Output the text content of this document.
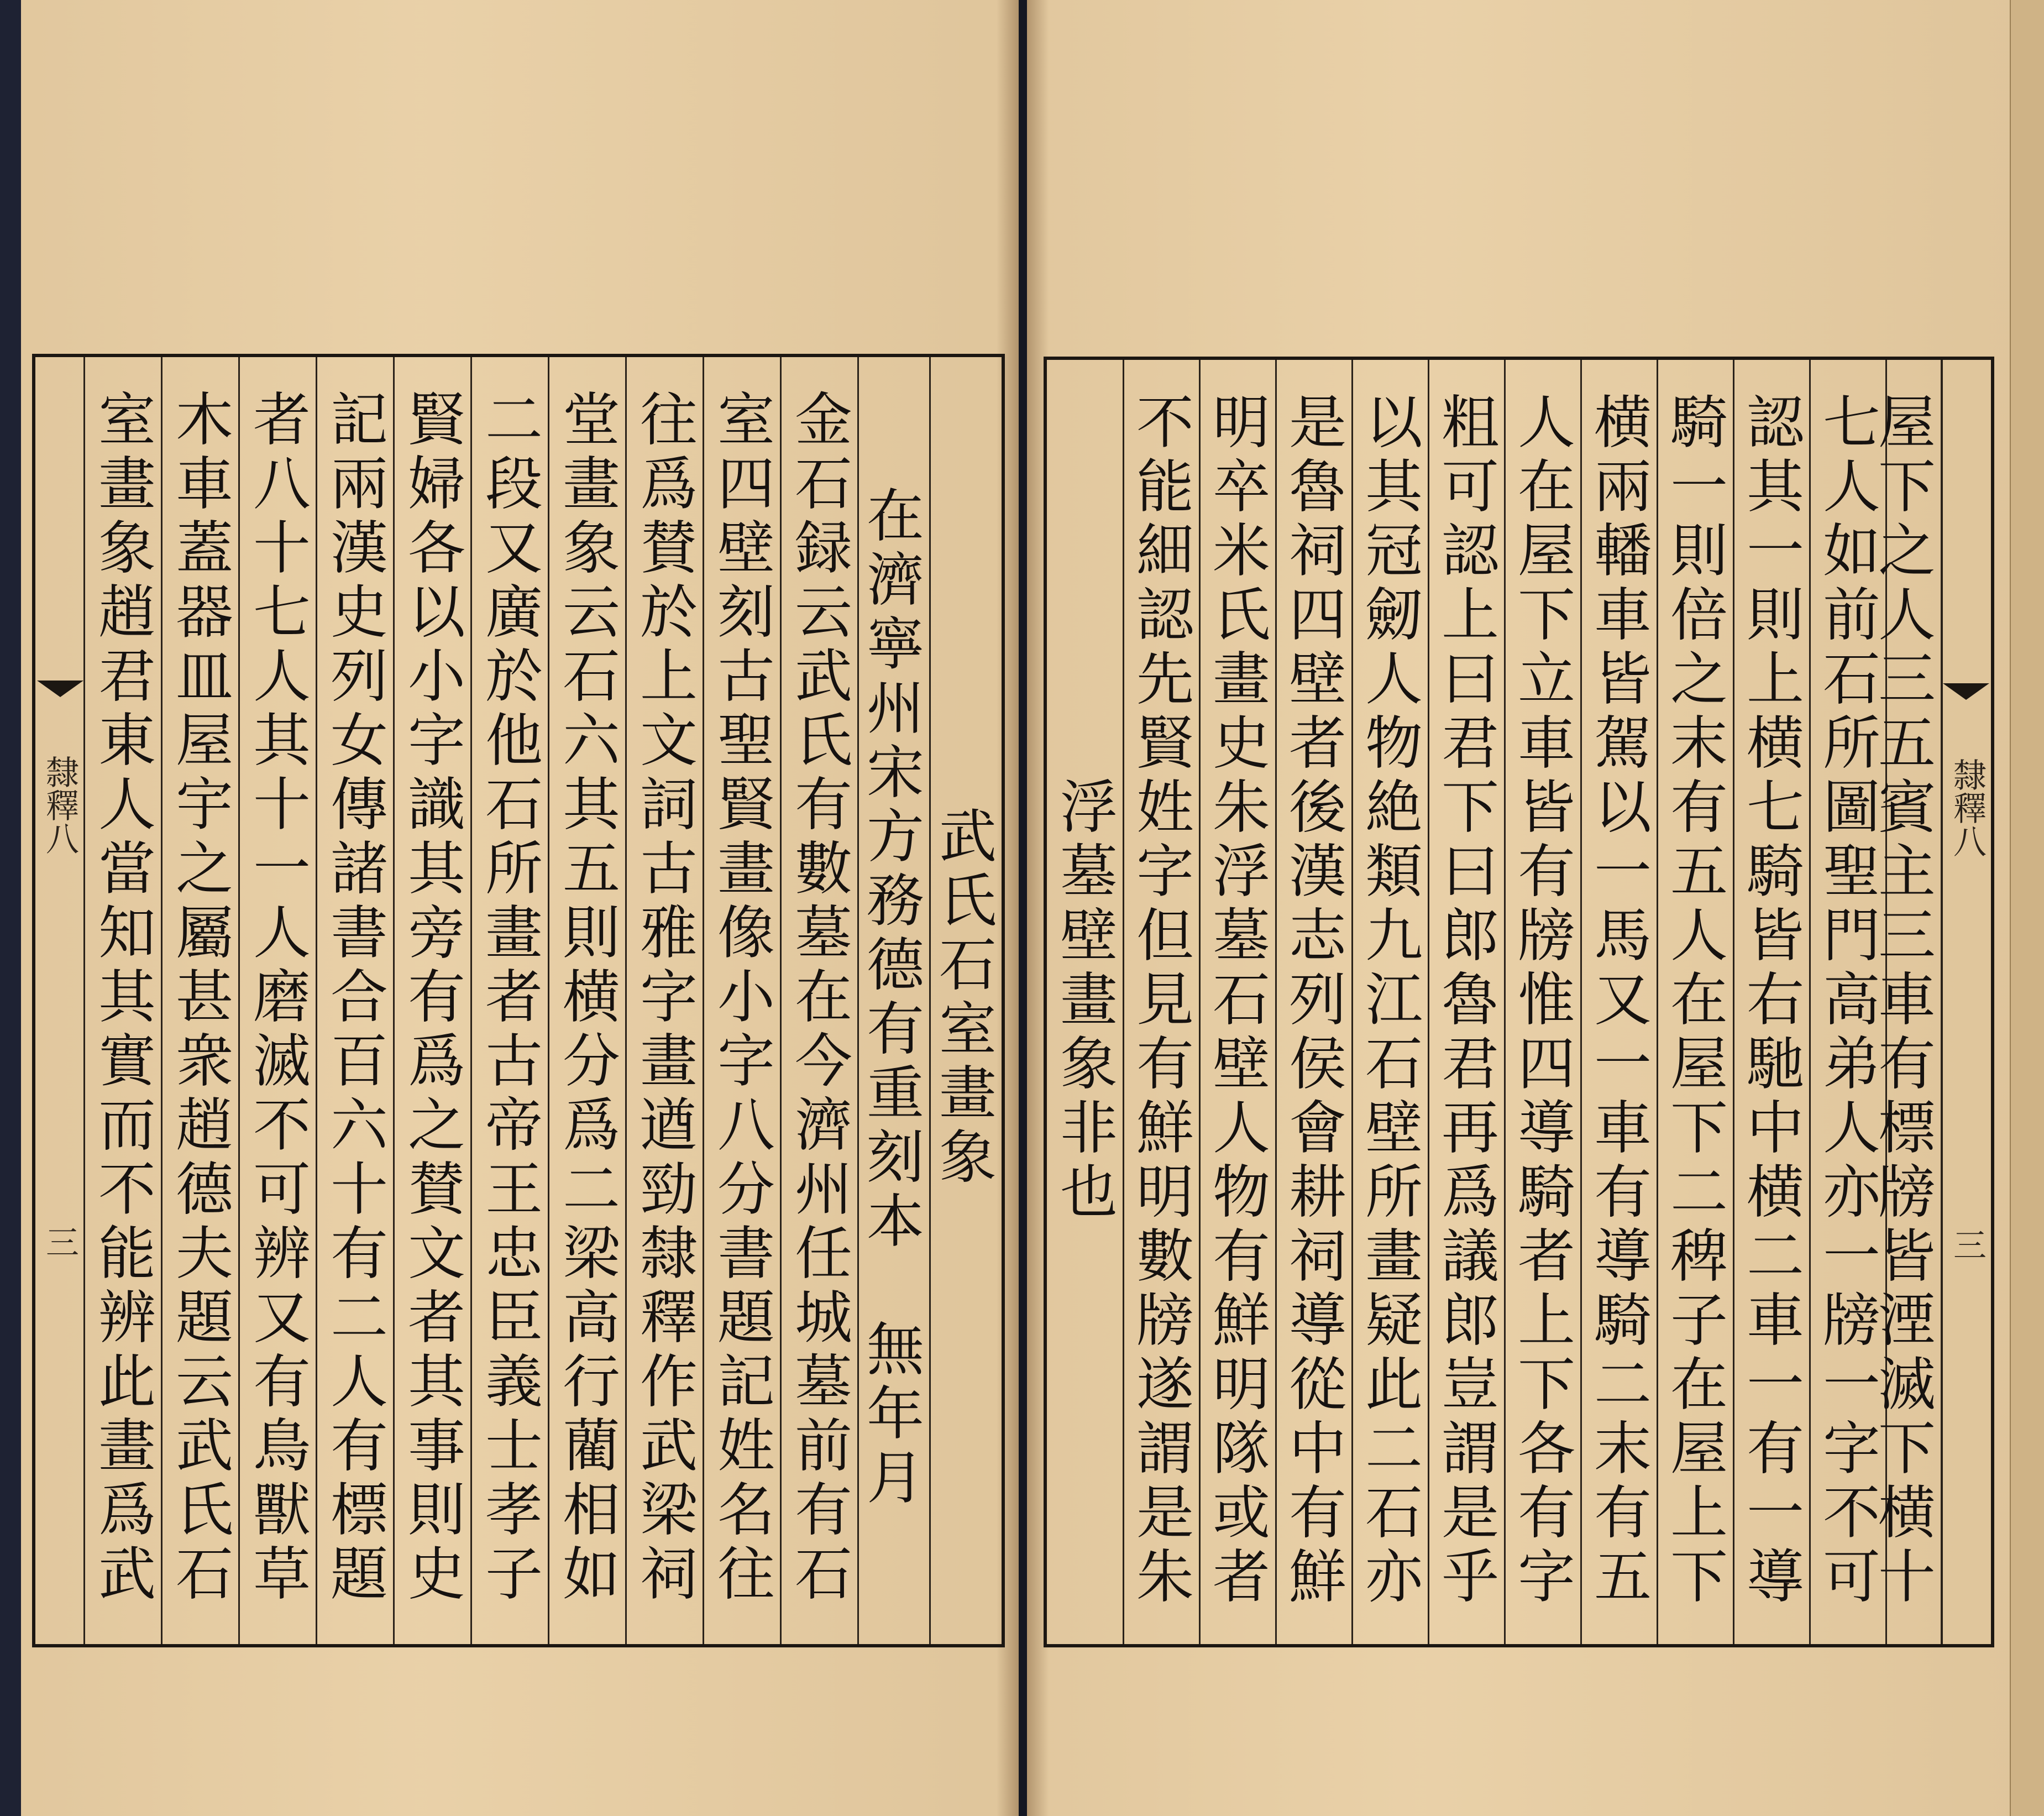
隸釋八
三 室畫象趙君東人當知其實而不能辨此畫爲武 木車蓋器皿屋宇之屬甚衆趙德夫題云武氏石 者八十七人其十一人磨滅不可辨又有鳥獸草 記兩漢史列女傳諸書合百六十有二人有標題 賢婦各以小字識其旁有爲之賛文者其事則史 二段又廣於他石所畫者古帝王忠臣義士孝子 堂畫象云石六其五則横分爲二梁高行藺相如 往爲賛於上文詞古雅字畫遒勁隸釋作武梁祠 室四壁刻古聖賢畫像小字八分書題記姓名往 金石録云武氏有數墓在今濟州任城墓前有石 在濟寧州宋方務德有重刻本　無年月 武氏石室畫象 浮墓壁畫象非也 不能細認先賢姓字但見有鮮明數牓遂謂是朱 明卒米氏畫史朱浮墓石壁人物有鮮明隊或者 是魯祠四壁者後漢志列侯會耕祠導從中有鮮 以其冠劒人物絶類九江石壁所畫疑此二石亦 粗可認上曰君下曰郎魯君再爲議郎豈謂是乎 人在屋下立車皆有牓惟四導騎者上下各有字 横兩轓車皆駕以一馬又一車有導騎二末有五 騎一則倍之末有五人在屋下二稗子在屋上下 認其一則上横七騎皆右馳中横二車一有一導 七人如前石所圖聖門高弟人亦一牓一字不可
屋下之人三五賓主三車有標牓皆湮滅下横十 隸釋八
三
